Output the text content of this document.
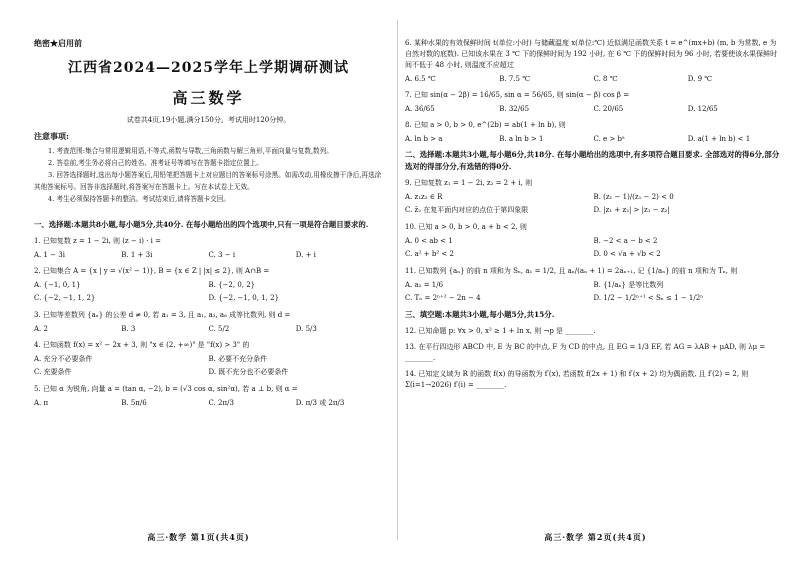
绝密★启用前
江西省2024—2025学年上学期调研测试
高三数学
试卷共4页,19小题,满分150分。考试用时120分钟。
注意事项:
1. 考查范围:集合与常用逻辑用语,不等式,函数与导数,三角函数与解三角形,平面向量与复数,数列。
2. 答卷前,考生务必将自己的姓名、准考证号等填写在答题卡指定位置上。
3. 回答选择题时,选出每小题答案后,用铅笔把答题卡上对应题目的答案标号涂黑。如需改动,用橡皮擦干净后,再选涂其他答案标号。回答非选择题时,将答案写在答题卡上。写在本试卷上无效。
4. 考生必须保持答题卡的整洁。考试结束后,请将答题卡交回。
一、选择题:本题共8小题,每小题5分,共40分. 在每小题给出的四个选项中,只有一项是符合题目要求的.
1. 已知复数 z = 1 − 2i, 则 (z − i) · i =
A. 1 − 3i	B. 1 + 3i	C. 3 − i	D. + i
2. 已知集合 A = {x | y = √(x² − 1)}, B = {x ∈ Z | |x| ≤ 2}, 则 A∩B =
A. {−1, 0, 1}	B. {−2, 0, 2}
C. {−2, −1, 1, 2}	D. {−2, −1, 0, 1, 2}
3. 已知等差数列 {aₙ} 的公差 d ≠ 0, 若 a₁ = 3, 且 a₁, a₃, a₆ 成等比数列, 则 d =
A. 2	B. 3	C. 5/2	D. 5/3
4. 已知函数 f(x) = x² − 2x + 3, 则 "x ∈ (2, +∞)" 是 "f(x) > 3" 的
A. 充分不必要条件	B. 必要不充分条件
C. 充要条件	D. 既不充分也不必要条件
5. 已知 α 为锐角, 向量 a = (tan α, −2), b = (√3 cos α, sin²α), 若 a ⊥ b, 则 α =
A. π	B. 5π/6	C. 2π/3	D. π/3 或 2π/3
高三·数学 第1页(共4页)
6. 某种水果的有效保鲜时间 t(单位:小时) 与储藏温度 x(单位:℃) 近似满足函数关系 t = e^(mx+b) (m, b 为常数, e 为自然对数的底数). 已知该水果在 3 ℃ 下的保鲜时间为 192 小时, 在 6 ℃ 下的保鲜时间为 96 小时, 若要使该水果保鲜时间不低于 48 小时, 则温度不应超过
A. 6.5 ℃	B. 7.5 ℃	C. 8 ℃	D. 9 ℃
7. 已知 sin(α − 2β) = 16/65, sin α = 56/65, 则 sin(α − β) cos β =
A. 36/65	B. 32/65	C. 20/65	D. 12/65
8. 已知 a > 0, b > 0, e^(2b) = ab(1 + ln b), 则
A. ln b > a	B. a ln b > 1	C. e > bᵃ	D. a(1 + ln b) < 1
二、选择题:本题共3小题,每小题6分,共18分. 在每小题给出的选项中,有多项符合题目要求. 全部选对的得6分,部分选对的得部分分,有选错的得0分.
9. 已知复数 z₁ = 1 − 2i, z₂ = 2 + i, 则
A. z₁z₂ ∈ R	B. (z₁ − 1)/(z₁ − 2) < 0
C. z̄₂ 在复平面内对应的点位于第四象限	D. |z₁ + z₂| > |z₁ − z₂|
10. 已知 a > 0, b > 0, a + b < 2, 则
A. 0 < ab < 1	B. −2 < a − b < 2
C. a² + b² < 2	D. 0 < √a + √b < 2
11. 已知数列 {aₙ} 的前 n 项和为 Sₙ, a₁ = 1/2, 且 aₙ/(aₙ + 1) = 2aₙ₊₁, 记 {1/aₙ} 的前 n 项和为 Tₙ, 则
A. a₂ = 1/6	B. {1/aₙ} 是等比数列
C. Tₙ = 2ⁿ⁺² − 2n − 4	D. 1/2 − 1/2ⁿ⁺¹ < Sₙ ≤ 1 − 1/2ⁿ
三、填空题:本题共3小题,每小题5分,共15分.
12. 已知命题 p: ∀x > 0, x² ≥ 1 + ln x, 则 ¬p 是 ________.
13. 在平行四边形 ABCD 中, E 为 BC 的中点, F 为 CD 的中点, 且 EG = 1/3 EF, 若 AG = λAB + μAD, 则 λμ = ________.
14. 已知定义域为 R 的函数 f(x) 的导函数为 f′(x), 若函数 f(2x + 1) 和 f′(x + 2) 均为偶函数, 且 f′(2) = 2, 则 Σ(i=1→2026) f′(i) = ________.
高三·数学 第2页(共4页)
